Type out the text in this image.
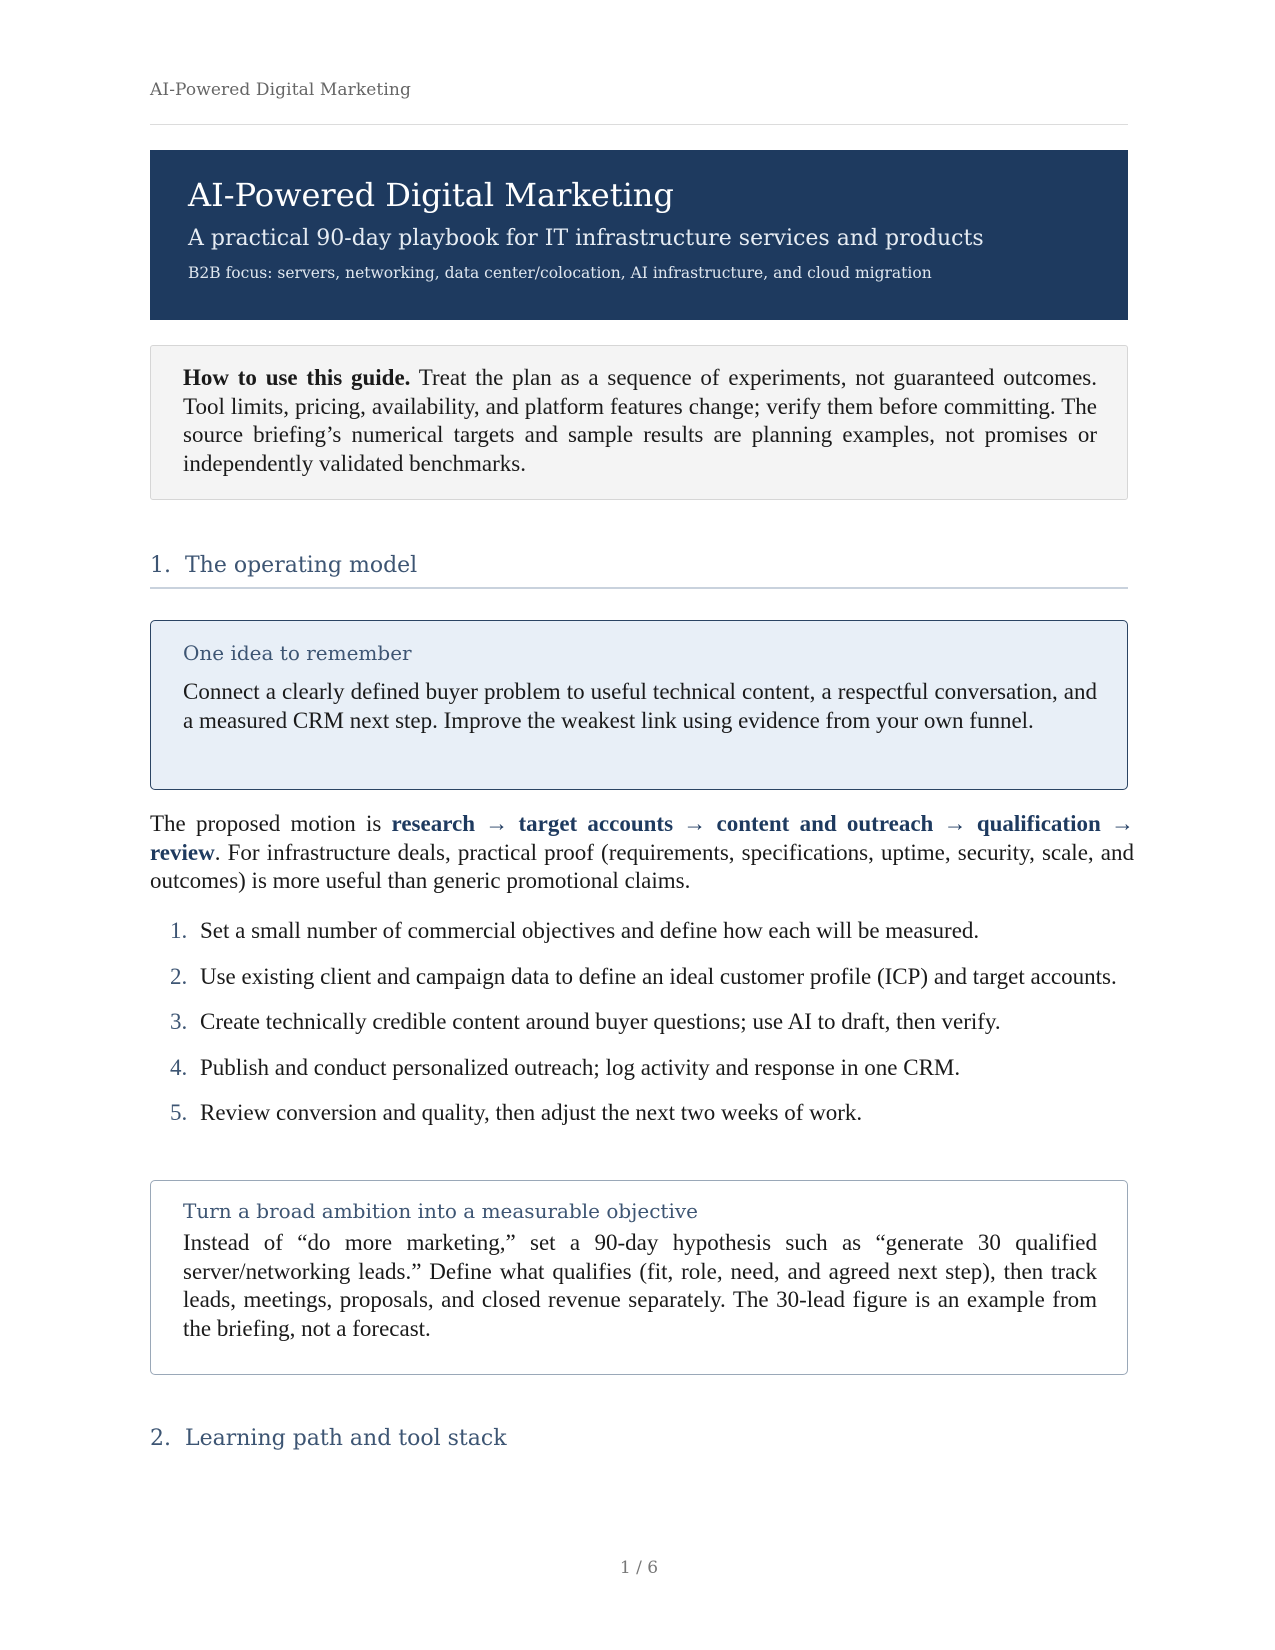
AI-Powered Digital Marketing
AI-Powered Digital Marketing
A practical 90-day playbook for IT infrastructure services and products
B2B focus: servers, networking, data center/colocation, AI infrastructure, and cloud migration
How to use this guide. Treat the plan as a sequence of experiments, not guaranteed outcomes. Tool limits, pricing, availability, and platform features change; verify them before committing. The source briefing’s numerical targets and sample results are planning examples, not promises or independently validated benchmarks.
1. The operating model
One idea to remember
Connect a clearly defined buyer problem to useful technical content, a respectful conversation, and a measured CRM next step. Improve the weakest link using evidence from your own funnel.
The proposed motion is research → target accounts → content and outreach → qualification → review. For infrastructure deals, practical proof (requirements, specifications, uptime, security, scale, and outcomes) is more useful than generic promotional claims.
1. Set a small number of commercial objectives and define how each will be measured.
2. Use existing client and campaign data to define an ideal customer profile (ICP) and target accounts.
3. Create technically credible content around buyer questions; use AI to draft, then verify.
4. Publish and conduct personalized outreach; log activity and response in one CRM.
5. Review conversion and quality, then adjust the next two weeks of work.
Turn a broad ambition into a measurable objective
Instead of “do more marketing,” set a 90-day hypothesis such as “generate 30 qualified server/networking leads.” Define what qualifies (fit, role, need, and agreed next step), then track leads, meetings, proposals, and closed revenue separately. The 30-lead figure is an example from the briefing, not a forecast.
2. Learning path and tool stack
1 / 6
